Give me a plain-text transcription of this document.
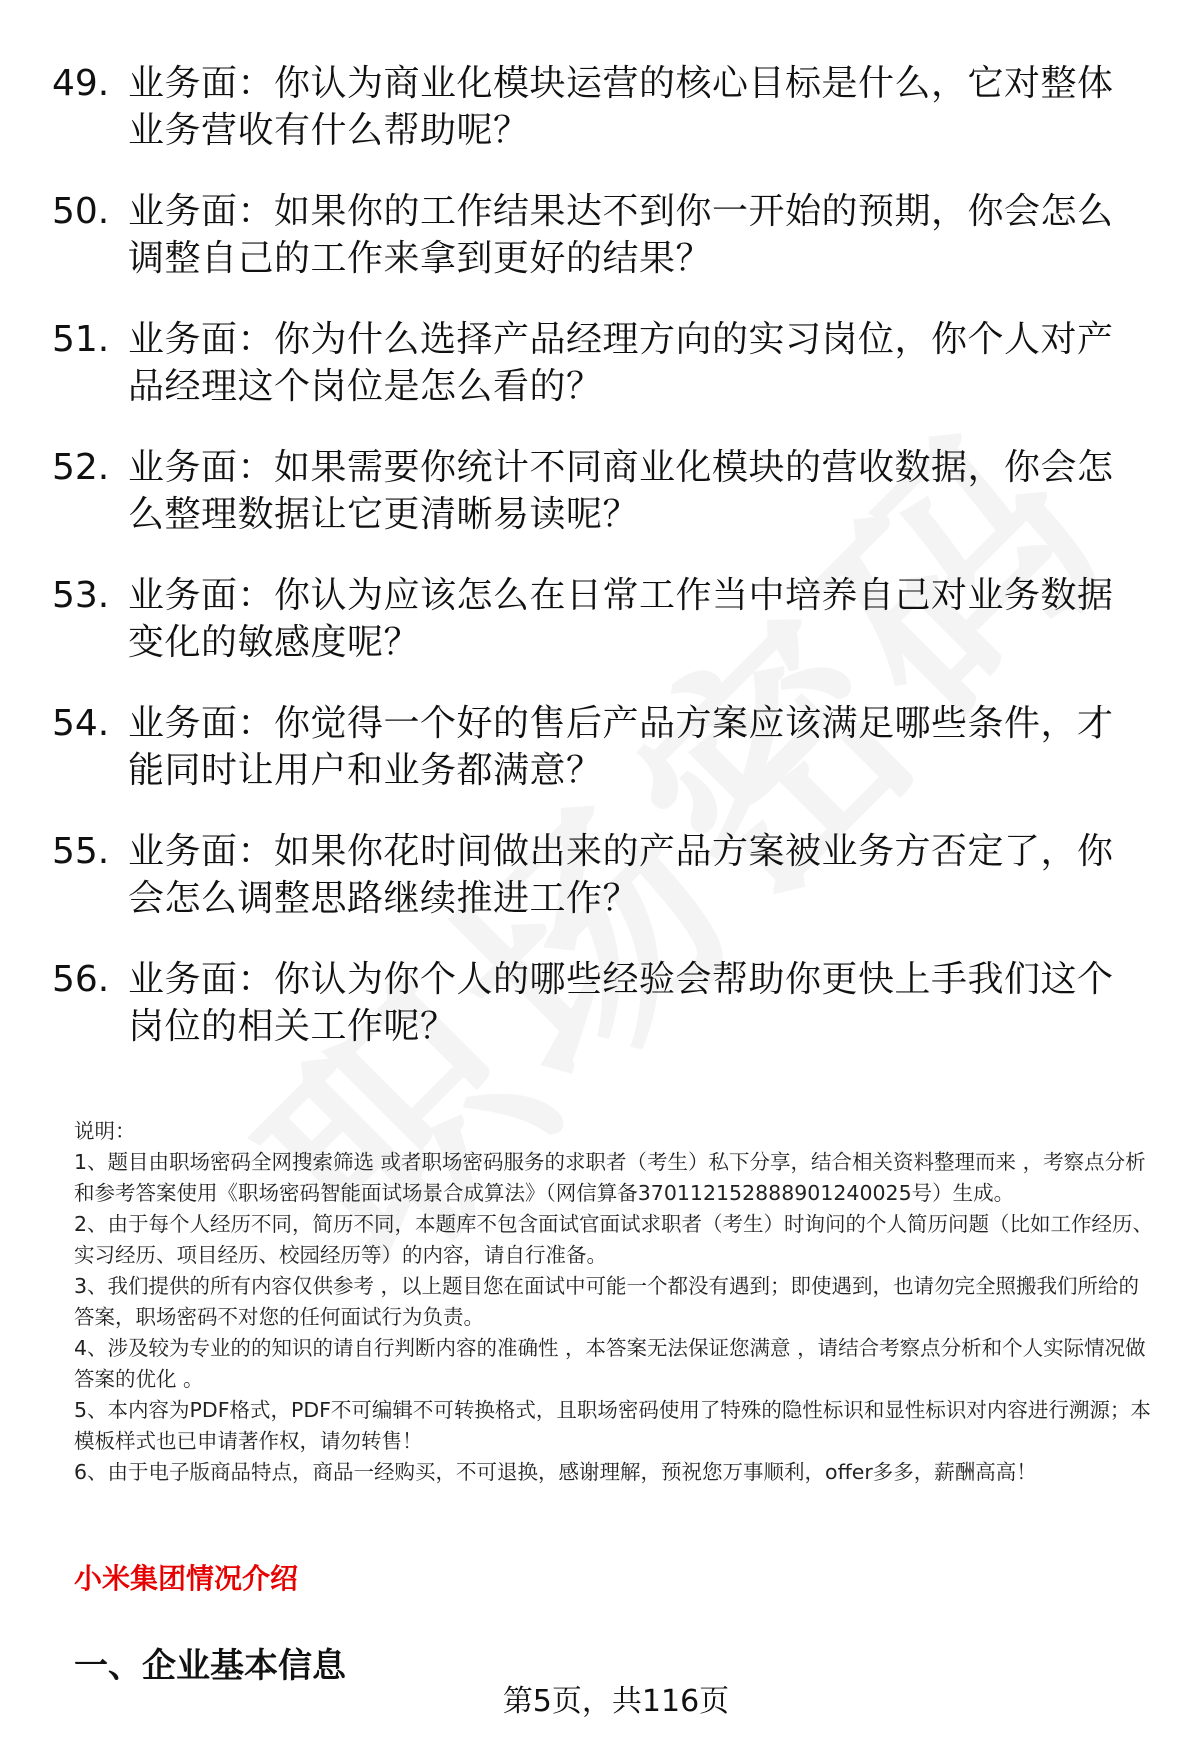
49. 业务面：你认为商业化模块运营的核心目标是什么，它对整体业务营收有什么帮助呢？
50. 业务面：如果你的工作结果达不到你一开始的预期，你会怎么调整自己的工作来拿到更好的结果？
51. 业务面：你为什么选择产品经理方向的实习岗位，你个人对产品经理这个岗位是怎么看的？
52. 业务面：如果需要你统计不同商业化模块的营收数据，你会怎么整理数据让它更清晰易读呢？
53. 业务面：你认为应该怎么在日常工作当中培养自己对业务数据变化的敏感度呢？
54. 业务面：你觉得一个好的售后产品方案应该满足哪些条件，才能同时让用户和业务都满意？
55. 业务面：如果你花时间做出来的产品方案被业务方否定了，你会怎么调整思路继续推进工作？
56. 业务面：你认为你个人的哪些经验会帮助你更快上手我们这个岗位的相关工作呢？

说明：

1、题目由职场密码全网搜索筛选 或者职场密码服务的求职者（考生）私下分享，结合相关资料整理而来 ，考察点分析和参考答案使用《职场密码智能面试场景合成算法》（网信算备370112152888901240025号）生成。

2、由于每个人经历不同，简历不同，本题库不包含面试官面试求职者（考生）时询问的个人简历问题（比如工作经历、实习经历、项目经历、校园经历等）的内容，请自行准备。

3、我们提供的所有内容仅供参考 ，以上题目您在面试中可能一个都没有遇到；即使遇到，也请勿完全照搬我们所给的答案，职场密码不对您的任何面试行为负责。

4、涉及较为专业的的知识的请自行判断内容的准确性 ，本答案无法保证您满意 ，请结合考察点分析和个人实际情况做答案的优化 。

5、本内容为PDF格式，PDF不可编辑不可转换格式，且职场密码使用了特殊的隐性标识和显性标识对内容进行溯源；本模板样式也已申请著作权，请勿转售！

6、由于电子版商品特点，商品一经购买，不可退换，感谢理解，预祝您万事顺利，offer多多，薪酬高高！

小米集团情况介绍
一、企业基本信息
第5页，共116页
